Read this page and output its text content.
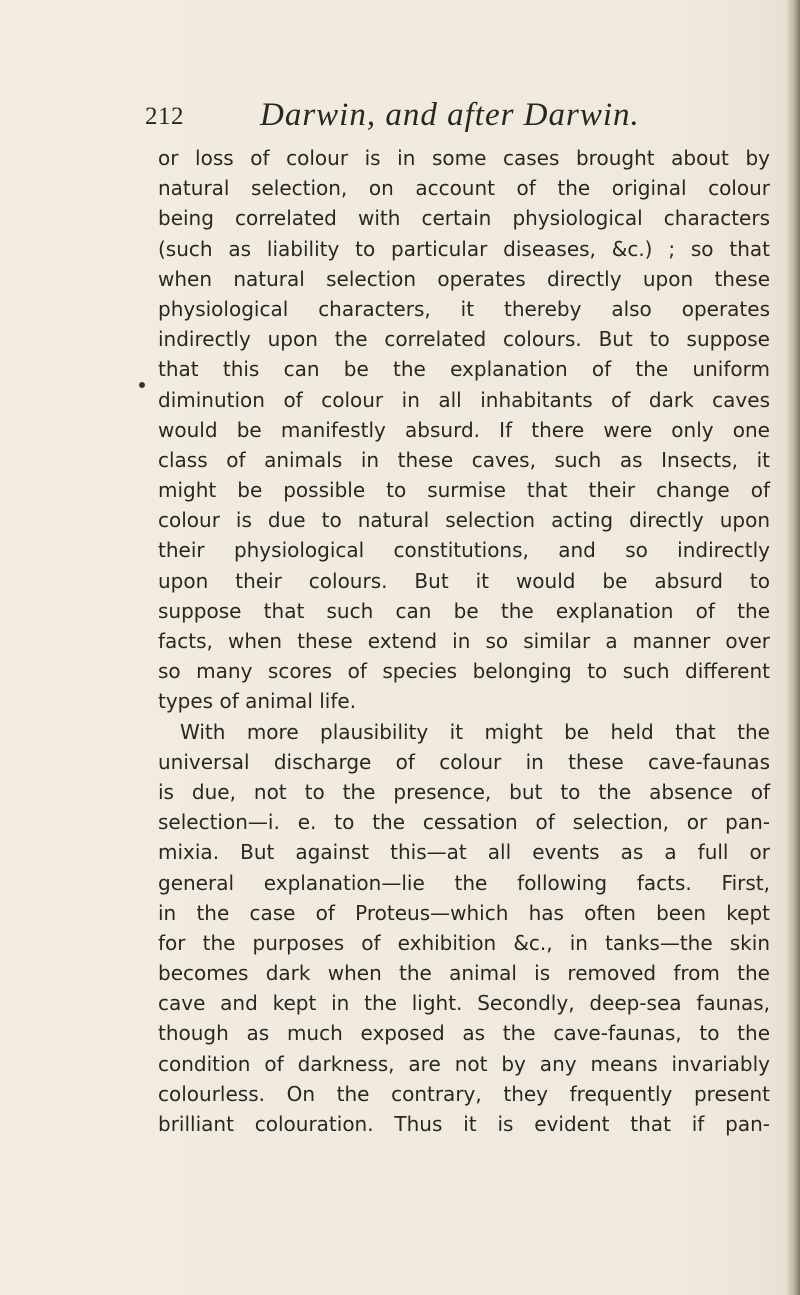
212 Darwin, and after Darwin.
or loss of colour is in some cases brought about by
natural selection, on account of the original colour
being correlated with certain physiological characters
(such as liability to particular diseases, &c.) ; so that
when natural selection operates directly upon these
physiological characters, it thereby also operates
indirectly upon the correlated colours. But to suppose
that this can be the explanation of the uniform
diminution of colour in all inhabitants of dark caves
would be manifestly absurd. If there were only one
class of animals in these caves, such as Insects, it
might be possible to surmise that their change of
colour is due to natural selection acting directly upon
their physiological constitutions, and so indirectly
upon their colours. But it would be absurd to
suppose that such can be the explanation of the
facts, when these extend in so similar a manner over
so many scores of species belonging to such different
types of animal life.
With more plausibility it might be held that the
universal discharge of colour in these cave-faunas
is due, not to the presence, but to the absence of
selection—i. e. to the cessation of selection, or pan-
mixia. But against this—at all events as a full or
general explanation—lie the following facts. First,
in the case of Proteus—which has often been kept
for the purposes of exhibition &c., in tanks—the skin
becomes dark when the animal is removed from the
cave and kept in the light. Secondly, deep-sea faunas,
though as much exposed as the cave-faunas, to the
condition of darkness, are not by any means invariably
colourless. On the contrary, they frequently present
brilliant colouration. Thus it is evident that if pan-
